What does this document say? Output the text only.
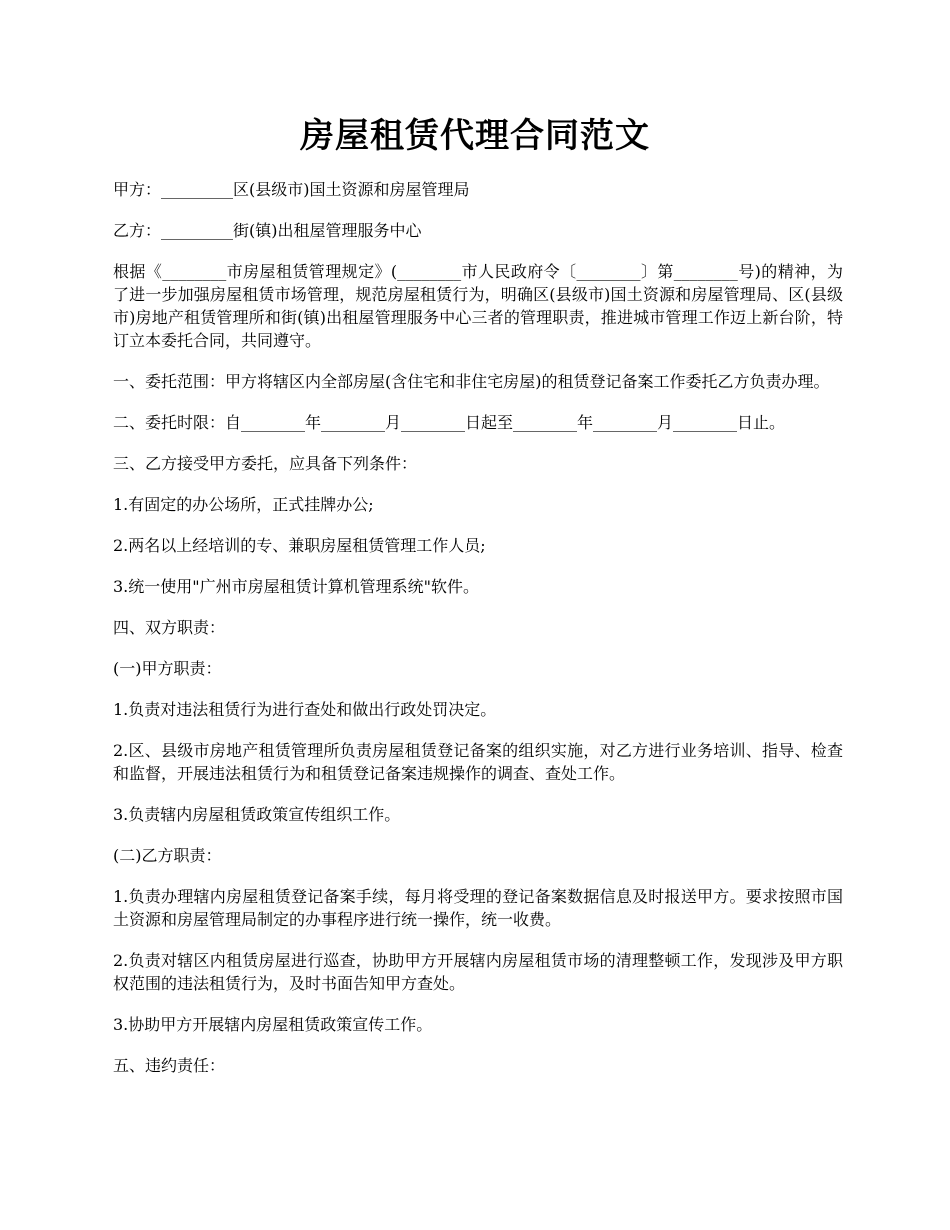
房屋租赁代理合同范文

甲方：_________区(县级市)国土资源和房屋管理局

乙方：_________街(镇)出租屋管理服务中心

根据《________市房屋租赁管理规定》(________市人民政府令〔________〕第________号)的精神，为了进一步加强房屋租赁市场管理，规范房屋租赁行为，明确区(县级市)国土资源和房屋管理局、区(县级市)房地产租赁管理所和街(镇)出租屋管理服务中心三者的管理职责，推进城市管理工作迈上新台阶，特订立本委托合同，共同遵守。

一、委托范围：甲方将辖区内全部房屋(含住宅和非住宅房屋)的租赁登记备案工作委托乙方负责办理。

二、委托时限：自________年________月________日起至________年________月________日止。

三、乙方接受甲方委托，应具备下列条件：

1.有固定的办公场所，正式挂牌办公;

2.两名以上经培训的专、兼职房屋租赁管理工作人员;

3.统一使用"广州市房屋租赁计算机管理系统"软件。

四、双方职责：

(一)甲方职责：

1.负责对违法租赁行为进行查处和做出行政处罚决定。

2.区、县级市房地产租赁管理所负责房屋租赁登记备案的组织实施，对乙方进行业务培训、指导、检查和监督，开展违法租赁行为和租赁登记备案违规操作的调查、查处工作。

3.负责辖内房屋租赁政策宣传组织工作。

(二)乙方职责：

1.负责办理辖内房屋租赁登记备案手续，每月将受理的登记备案数据信息及时报送甲方。要求按照市国土资源和房屋管理局制定的办事程序进行统一操作，统一收费。

2.负责对辖区内租赁房屋进行巡查，协助甲方开展辖内房屋租赁市场的清理整顿工作，发现涉及甲方职权范围的违法租赁行为，及时书面告知甲方查处。

3.协助甲方开展辖内房屋租赁政策宣传工作。

五、违约责任：
